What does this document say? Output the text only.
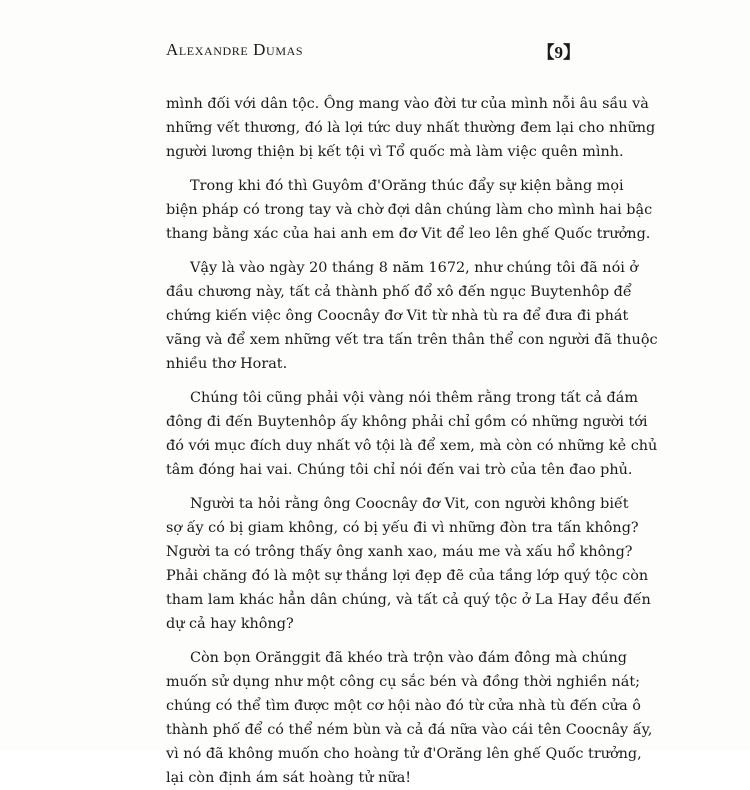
Alexandre Dumas	【9】
mình đối với dân tộc. Ông mang vào đời tư của mình nỗi âu sầu và
những vết thương, đó là lợi tức duy nhất thường đem lại cho những
người lương thiện bị kết tội vì Tổ quốc mà làm việc quên mình.
Trong khi đó thì Guyôm đ'Orăng thúc đẩy sự kiện bằng mọi
biện pháp có trong tay và chờ đợi dân chúng làm cho mình hai bậc
thang bằng xác của hai anh em đơ Vit để leo lên ghế Quốc trưởng.
Vậy là vào ngày 20 tháng 8 năm 1672, như chúng tôi đã nói ở
đầu chương này, tất cả thành phố đổ xô đến ngục Buytenhôp để
chứng kiến việc ông Coocnây đơ Vit từ nhà tù ra để đưa đi phát
vãng và để xem những vết tra tấn trên thân thể con người đã thuộc
nhiều thơ Horat.
Chúng tôi cũng phải vội vàng nói thêm rằng trong tất cả đám
đông đi đến Buytenhôp ấy không phải chỉ gồm có những người tới
đó với mục đích duy nhất vô tội là để xem, mà còn có những kẻ chủ
tâm đóng hai vai. Chúng tôi chỉ nói đến vai trò của tên đao phủ.
Người ta hỏi rằng ông Coocnây đơ Vit, con người không biết
sợ ấy có bị giam không, có bị yếu đi vì những đòn tra tấn không?
Người ta có trông thấy ông xanh xao, máu me và xấu hổ không?
Phải chăng đó là một sự thắng lợi đẹp đẽ của tầng lớp quý tộc còn
tham lam khác hẳn dân chúng, và tất cả quý tộc ở La Hay đều đến
dự cả hay không?
Còn bọn Orăng​git đã khéo trà trộn vào đám đông mà chúng
muốn sử dụng như một công cụ sắc bén và đồng thời nghiền nát;
chúng có thể tìm được một cơ hội nào đó từ cửa nhà tù đến cửa ô
thành phố để có thể ném bùn và cả đá nữa vào cái tên Coocnây ấy,
vì nó đã không muốn cho hoàng tử đ'Orăng lên ghế Quốc trưởng,
lại còn định ám sát hoàng tử nữa!
